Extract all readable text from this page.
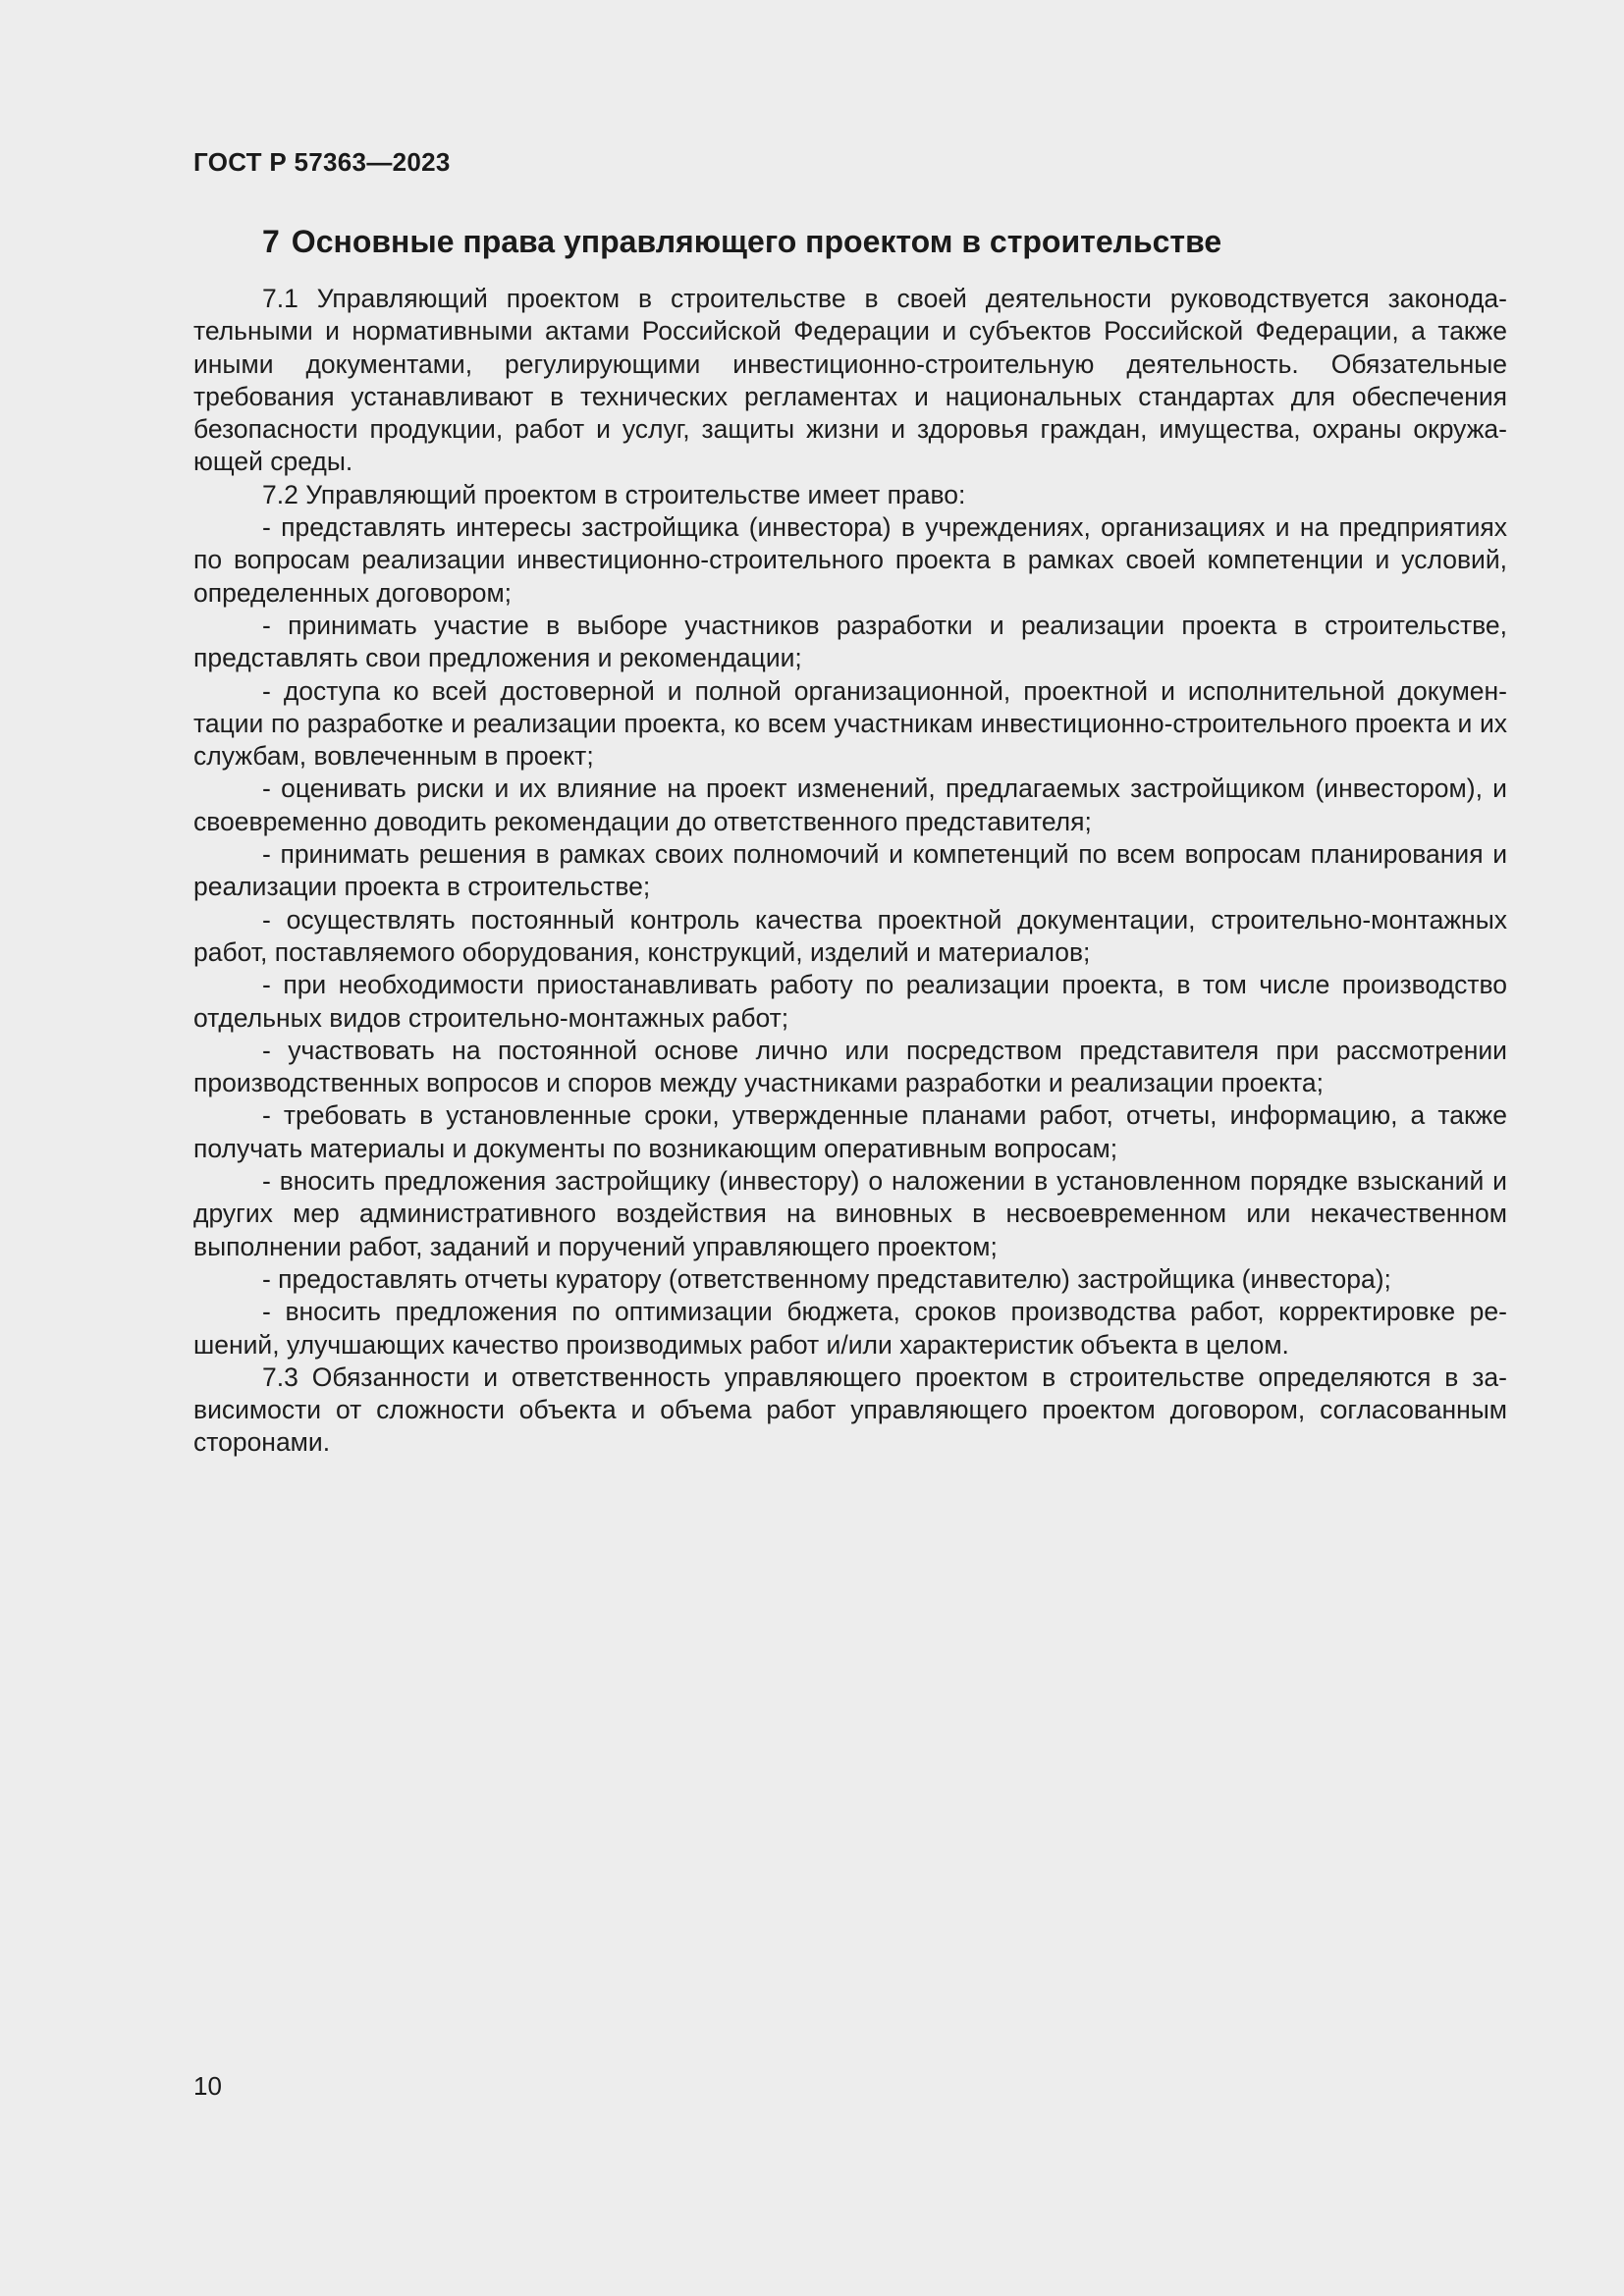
ГОСТ Р 57363—2023
7 Основные права управляющего проектом в строительстве

7.1 Управляющий проектом в строительстве в своей деятельности руководствуется законодательными и нормативными актами Российской Федерации и субъектов Российской Федерации, а также иными документами, регулирующими инвестиционно-строительную деятельность. Обязательные требования устанавливают в технических регламентах и национальных стандартах для обеспечения безопасности продукции, работ и услуг, защиты жизни и здоровья граждан, имущества, охраны окружающей среды.

7.2 Управляющий проектом в строительстве имеет право:

- представлять интересы застройщика (инвестора) в учреждениях, организациях и на предприятиях по вопросам реализации инвестиционно-строительного проекта в рамках своей компетенции и условий, определенных договором;

- принимать участие в выборе участников разработки и реализации проекта в строительстве, представлять свои предложения и рекомендации;

- доступа ко всей достоверной и полной организационной, проектной и исполнительной документации по разработке и реализации проекта, ко всем участникам инвестиционно-строительного проекта и их службам, вовлеченным в проект;

- оценивать риски и их влияние на проект изменений, предлагаемых застройщиком (инвестором), и своевременно доводить рекомендации до ответственного представителя;

- принимать решения в рамках своих полномочий и компетенций по всем вопросам планирования и реализации проекта в строительстве;

- осуществлять постоянный контроль качества проектной документации, строительно-монтажных работ, поставляемого оборудования, конструкций, изделий и материалов;

- при необходимости приостанавливать работу по реализации проекта, в том числе производство отдельных видов строительно-монтажных работ;

- участвовать на постоянной основе лично или посредством представителя при рассмотрении производственных вопросов и споров между участниками разработки и реализации проекта;

- требовать в установленные сроки, утвержденные планами работ, отчеты, информацию, а также получать материалы и документы по возникающим оперативным вопросам;

- вносить предложения застройщику (инвестору) о наложении в установленном порядке взысканий и других мер административного воздействия на виновных в несвоевременном или некачественном выполнении работ, заданий и поручений управляющего проектом;

- предоставлять отчеты куратору (ответственному представителю) застройщика (инвестора);

- вносить предложения по оптимизации бюджета, сроков производства работ, корректировке решений, улучшающих качество производимых работ и/или характеристик объекта в целом.

7.3 Обязанности и ответственность управляющего проектом в строительстве определяются в зависимости от сложности объекта и объема работ управляющего проектом договором, согласованным сторонами.

10
